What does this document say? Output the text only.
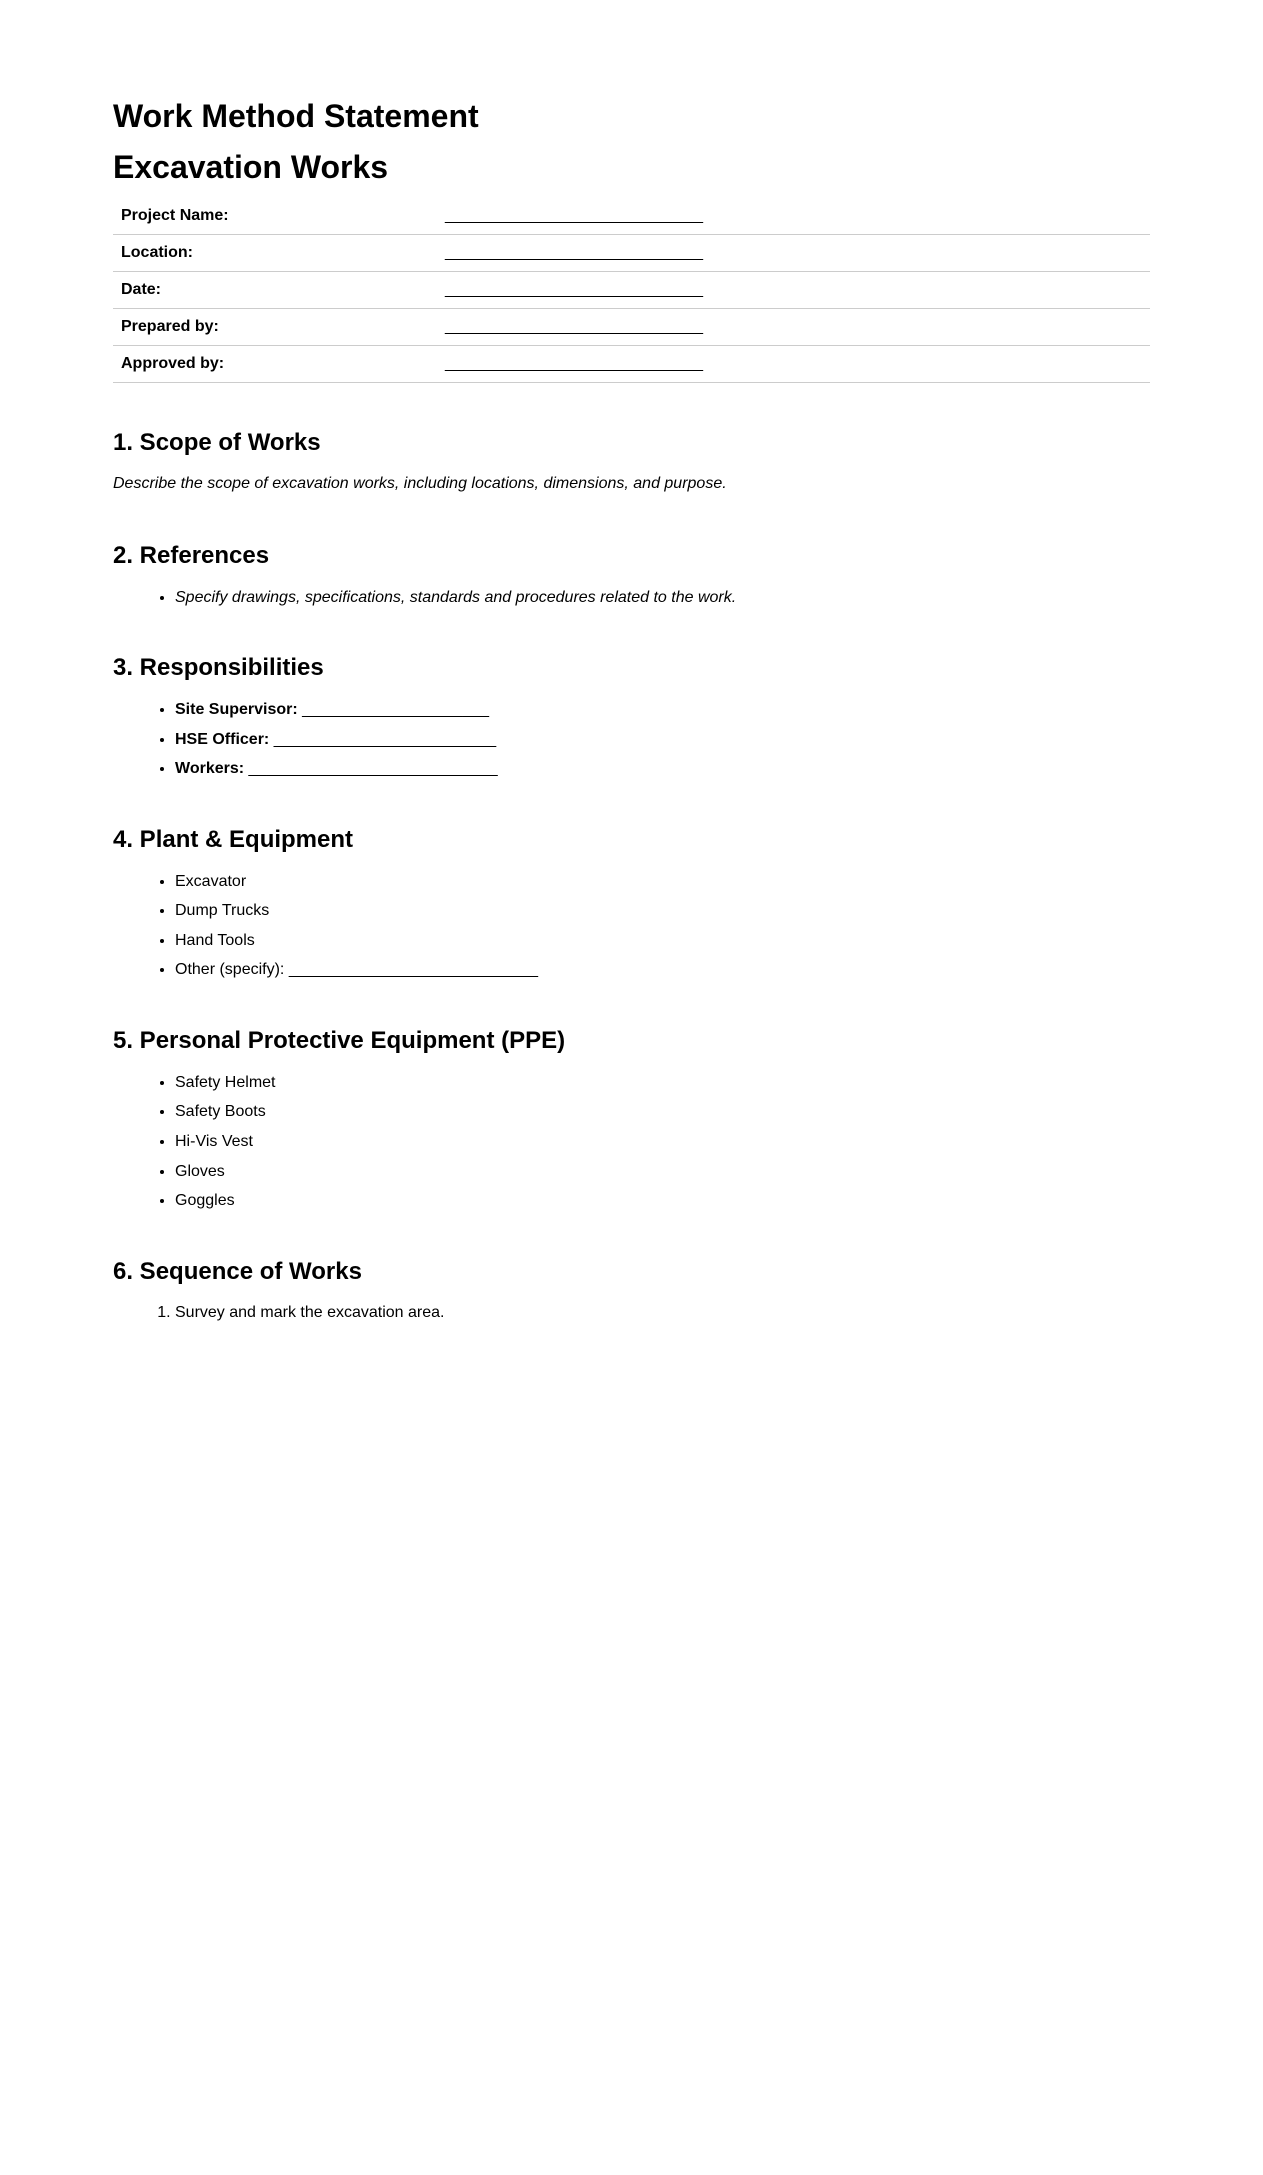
Work Method Statement
Excavation Works
Project Name:	_____________________________
Location:	_____________________________
Date:	_____________________________
Prepared by:	_____________________________
Approved by:	_____________________________
1. Scope of Works

Describe the scope of excavation works, including locations, dimensions, and purpose.

2. References
• Specify drawings, specifications, standards and procedures related to the work.
3. Responsibilities
• Site Supervisor: _____________________
• HSE Officer: _________________________
• Workers: ____________________________
4. Plant & Equipment
• Excavator
• Dump Trucks
• Hand Tools
• Other (specify): ____________________________
5. Personal Protective Equipment (PPE)
• Safety Helmet
• Safety Boots
• Hi-Vis Vest
• Gloves
• Goggles
6. Sequence of Works
1. Survey and mark the excavation area.
